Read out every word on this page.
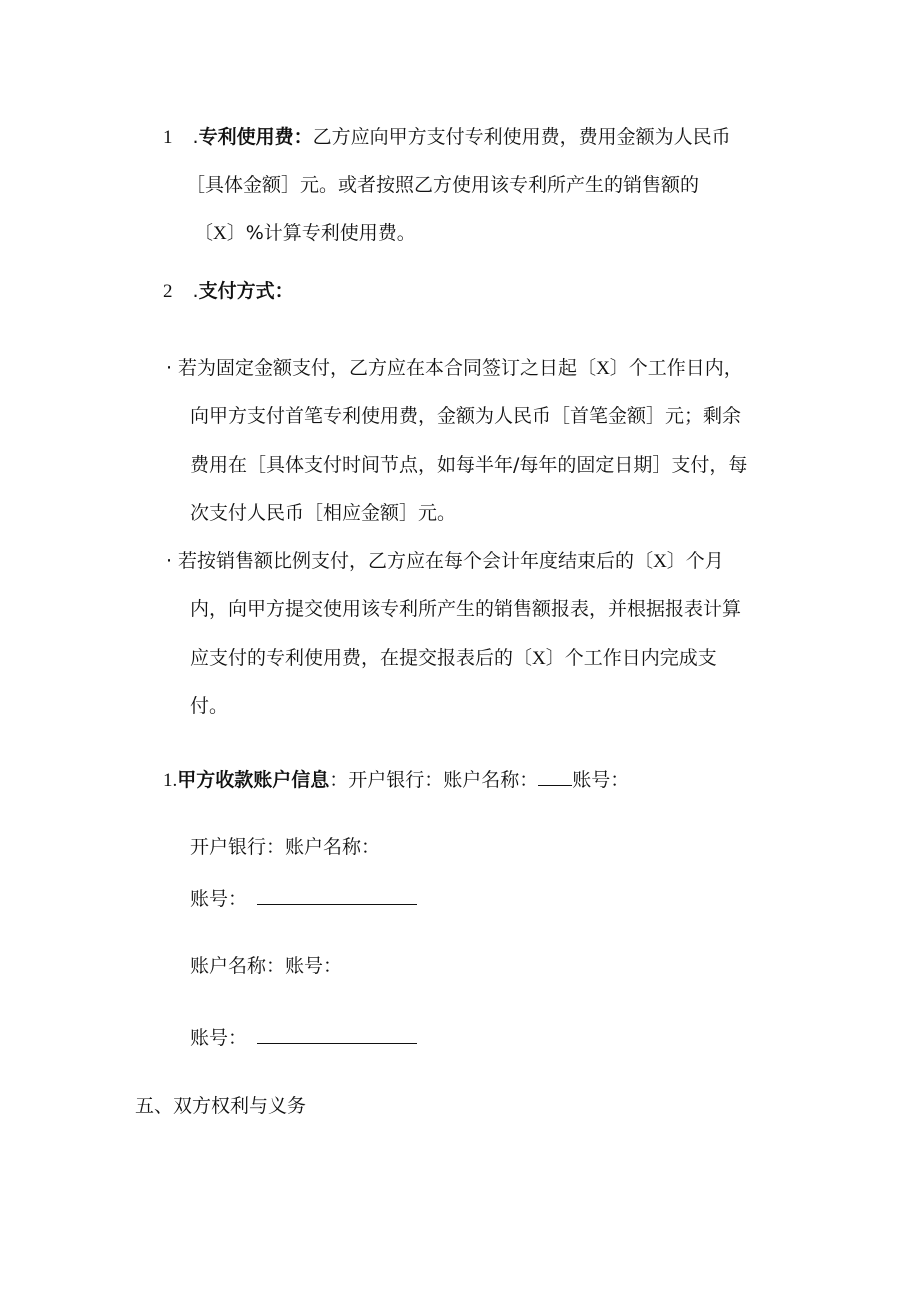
1 .专利使用费：乙方应向甲方支付专利使用费，费用金额为人民币
［具体金额］元。或者按照乙方使用该专利所产生的销售额的
〔X〕%计算专利使用费。
2 .支付方式：
· 若为固定金额支付，乙方应在本合同签订之日起〔X〕个工作日内，
向甲方支付首笔专利使用费，金额为人民币［首笔金额］元；剩余
费用在［具体支付时间节点，如每半年/每年的固定日期］支付，每
次支付人民币［相应金额］元。
· 若按销售额比例支付，乙方应在每个会计年度结束后的〔X〕个月
内，向甲方提交使用该专利所产生的销售额报表，并根据报表计算
应支付的专利使用费，在提交报表后的〔X〕个工作日内完成支
付。
1.甲方收款账户信息：开户银行：账户名称： 账号：
开户银行：账户名称：
账号：
账户名称：账号：
账号：
五、双方权利与义务
